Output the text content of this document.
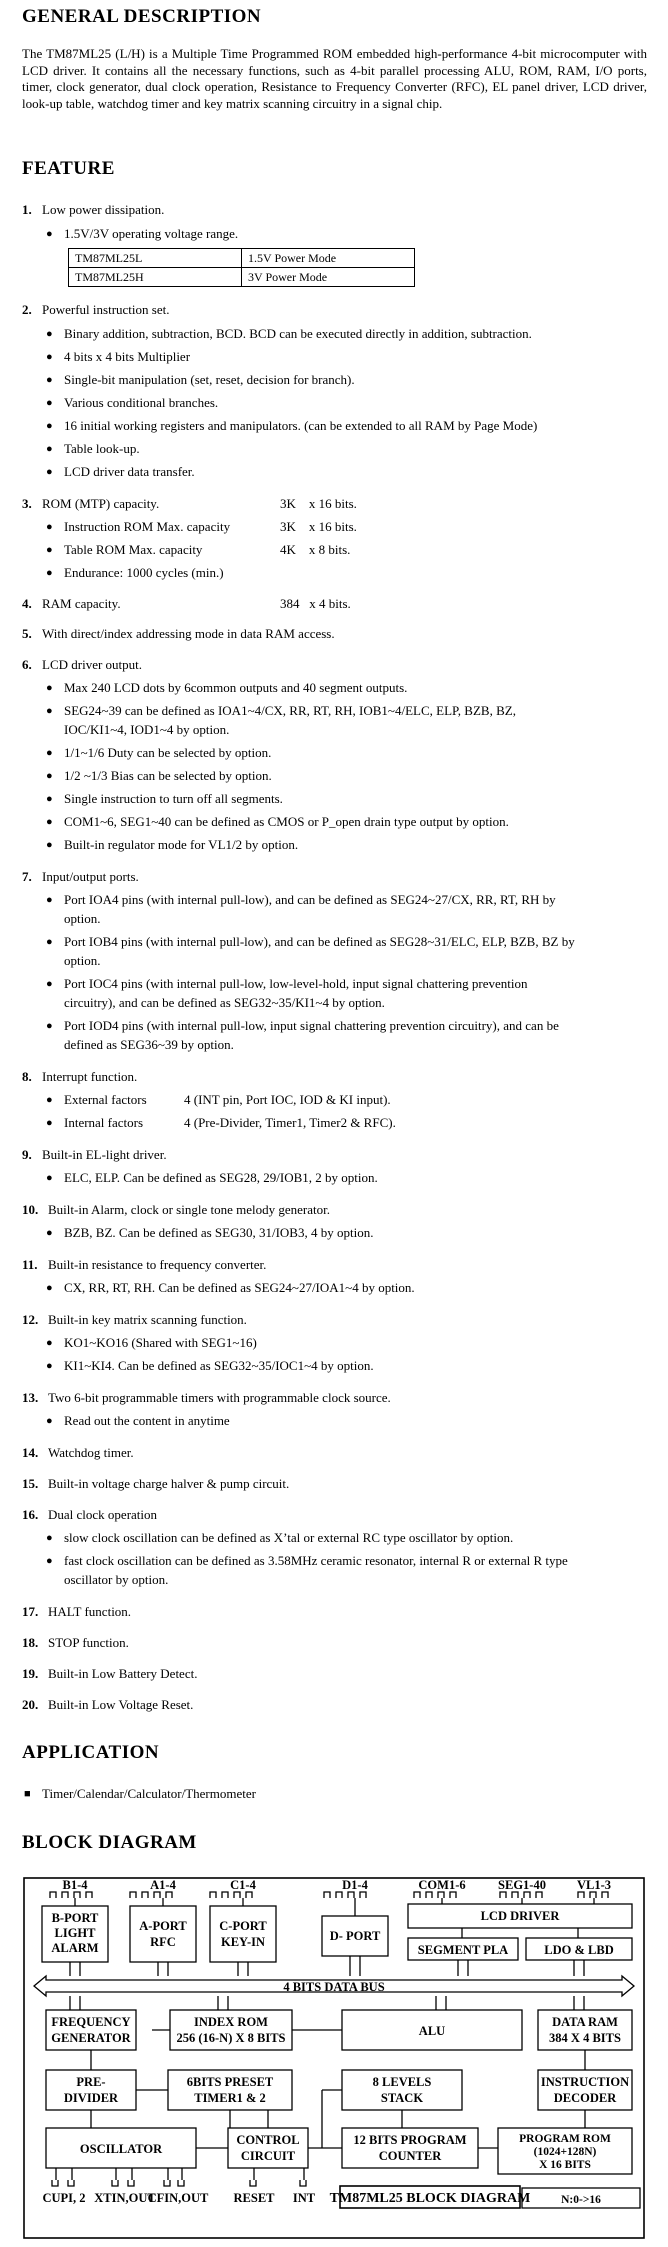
GENERAL DESCRIPTION
The TM87ML25 (L/H) is a Multiple Time Programmed ROM embedded high-performance 4-bit microcomputer with LCD driver. It contains all the necessary functions, such as 4-bit parallel processing ALU, ROM, RAM, I/O ports, timer, clock generator, dual clock operation, Resistance to Frequency Converter (RFC), EL panel driver, LCD driver, look-up table, watchdog timer and key matrix scanning circuitry in a signal chip.
FEATURE
1. Low power dissipation.
● 1.5V/3V operating voltage range.
TM87ML25L	1.5V Power Mode
TM87ML25H	3V Power Mode
2. Powerful instruction set.
● Binary addition, subtraction, BCD. BCD can be executed directly in addition, subtraction.
● 4 bits x 4 bits Multiplier
● Single-bit manipulation (set, reset, decision for branch).
● Various conditional branches.
● 16 initial working registers and manipulators. (can be extended to all RAM by Page Mode)
● Table look-up.
● LCD driver data transfer.
3. ROM (MTP) capacity.	3K    x 16 bits.
● Instruction ROM Max. capacity	3K    x 16 bits.
● Table ROM Max. capacity	4K    x 8 bits.
● Endurance: 1000 cycles (min.)
4. RAM capacity.	384   x 4 bits.
5. With direct/index addressing mode in data RAM access.
6. LCD driver output.
● Max 240 LCD dots by 6common outputs and 40 segment outputs.
● SEG24~39 can be defined as IOA1~4/CX, RR, RT, RH, IOB1~4/ELC, ELP, BZB, BZ,
IOC/KI1~4, IOD1~4 by option.
● 1/1~1/6 Duty can be selected by option.
● 1/2 ~1/3 Bias can be selected by option.
● Single instruction to turn off all segments.
● COM1~6, SEG1~40 can be defined as CMOS or P_open drain type output by option.
● Built-in regulator mode for VL1/2 by option.
7. Input/output ports.
● Port IOA4 pins (with internal pull-low), and can be defined as SEG24~27/CX, RR, RT, RH by
option.
● Port IOB4 pins (with internal pull-low), and can be defined as SEG28~31/ELC, ELP, BZB, BZ by
option.
● Port IOC4 pins (with internal pull-low, low-level-hold, input signal chattering prevention
circuitry), and can be defined as SEG32~35/KI1~4 by option.
● Port IOD4 pins (with internal pull-low, input signal chattering prevention circuitry), and can be
defined as SEG36~39 by option.
8. Interrupt function.
● External factors	4 (INT pin, Port IOC, IOD & KI input).
● Internal factors	4 (Pre-Divider, Timer1, Timer2 & RFC).
9. Built-in EL-light driver.
● ELC, ELP. Can be defined as SEG28, 29/IOB1, 2 by option.
10. Built-in Alarm, clock or single tone melody generator.
● BZB, BZ. Can be defined as SEG30, 31/IOB3, 4 by option.
11. Built-in resistance to frequency converter.
● CX, RR, RT, RH. Can be defined as SEG24~27/IOA1~4 by option.
12. Built-in key matrix scanning function.
● KO1~KO16 (Shared with SEG1~16)
● KI1~KI4. Can be defined as SEG32~35/IOC1~4 by option.
13. Two 6-bit programmable timers with programmable clock source.
● Read out the content in anytime
14. Watchdog timer.
15. Built-in voltage charge halver & pump circuit.
16. Dual clock operation
● slow clock oscillation can be defined as X’tal or external RC type oscillator by option.
● fast clock oscillation can be defined as 3.58MHz ceramic resonator, internal R or external R type
oscillator by option.
17. HALT function.
18. STOP function.
19. Built-in Low Battery Detect.
20. Built-in Low Voltage Reset.
APPLICATION
■ Timer/Calendar/Calculator/Thermometer
BLOCK DIAGRAM
B1-4	A1-4	C1-4	D1-4	COM1-6	SEG1-40 VL1-3
B-PORT
LIGHT
ALARM
A-PORT
RFC
C-PORT
KEY-IN	D- PORT
LCD DRIVER
SEGMENT PLA	LDO & LBD
4 BITS DATA BUS
FREQUENCY
GENERATOR
INDEX ROM
256 (16-N) X 8 BITS	ALU
DATA RAM
384 X 4 BITS
PRE-
DIVIDER
6BITS PRESET
TIMER1 & 2
8 LEVELS
STACK
INSTRUCTION
DECODER
OSCILLATOR
CONTROL
CIRCUIT
12 BITS PROGRAM
COUNTER
PROGRAM ROM
(1024+128N)
X 16 BITS
CUPI, 2 XTIN,OUT
CFIN,OUT RESET INT TM87ML25 BLOCK DIAGRAM	N:0->16
